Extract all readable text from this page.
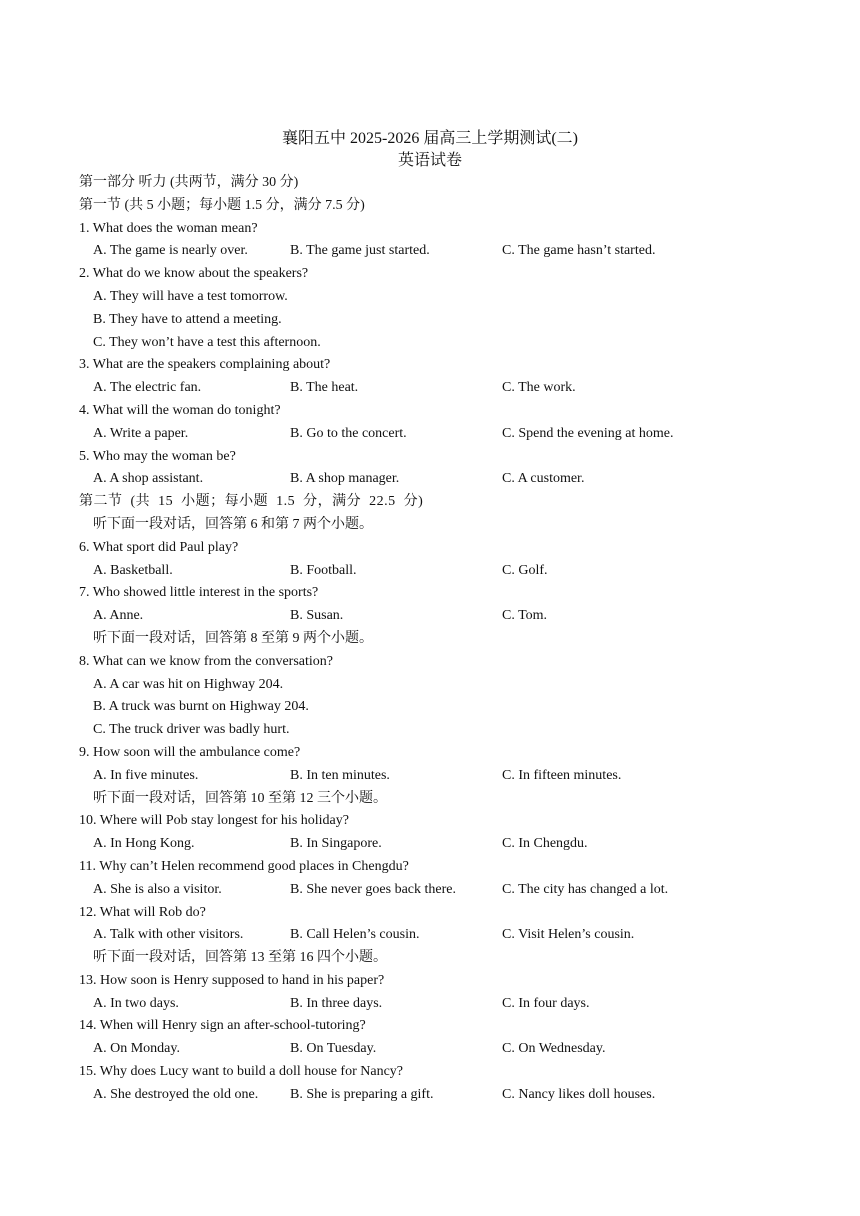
襄阳五中 2025-2026 届高三上学期测试(二)
英语试卷
第一部分 听力 (共两节，满分 30 分)
第一节 (共 5 小题；每小题 1.5 分，满分 7.5 分)
1. What does the woman mean?
A. The game is nearly over.	B. The game just started.	C. The game hasn’t started.
2. What do we know about the speakers?
A. They will have a test tomorrow.
B. They have to attend a meeting.
C. They won’t have a test this afternoon.
3. What are the speakers complaining about?
A. The electric fan.	B. The heat.	C. The work.
4. What will the woman do tonight?
A. Write a paper.	B. Go to the concert.	C. Spend the evening at home.
5. Who may the woman be?
A. A shop assistant.	B. A shop manager.	C. A customer.
第二节 (共 15 小题；每小题 1.5 分，满分 22.5 分)
听下面一段对话，回答第 6 和第 7 两个小题。
6. What sport did Paul play?
A. Basketball.	B. Football.	C. Golf.
7. Who showed little interest in the sports?
A. Anne.	B. Susan.	C. Tom.
听下面一段对话，回答第 8 至第 9 两个小题。
8. What can we know from the conversation?
A. A car was hit on Highway 204.
B. A truck was burnt on Highway 204.
C. The truck driver was badly hurt.
9. How soon will the ambulance come?
A. In five minutes.	B. In ten minutes.	C. In fifteen minutes.
听下面一段对话，回答第 10 至第 12 三个小题。
10. Where will Pob stay longest for his holiday?
A. In Hong Kong.	B. In Singapore.	C. In Chengdu.
11. Why can’t Helen recommend good places in Chengdu?
A. She is also a visitor.	B. She never goes back there.	C. The city has changed a lot.
12. What will Rob do?
A. Talk with other visitors.	B. Call Helen’s cousin.	C. Visit Helen’s cousin.
听下面一段对话，回答第 13 至第 16 四个小题。
13. How soon is Henry supposed to hand in his paper?
A. In two days.	B. In three days.	C. In four days.
14. When will Henry sign an after-school-tutoring?
A. On Monday.	B. On Tuesday.	C. On Wednesday.
15. Why does Lucy want to build a doll house for Nancy?
A. She destroyed the old one. B. She is preparing a gift.	C. Nancy likes doll houses.
